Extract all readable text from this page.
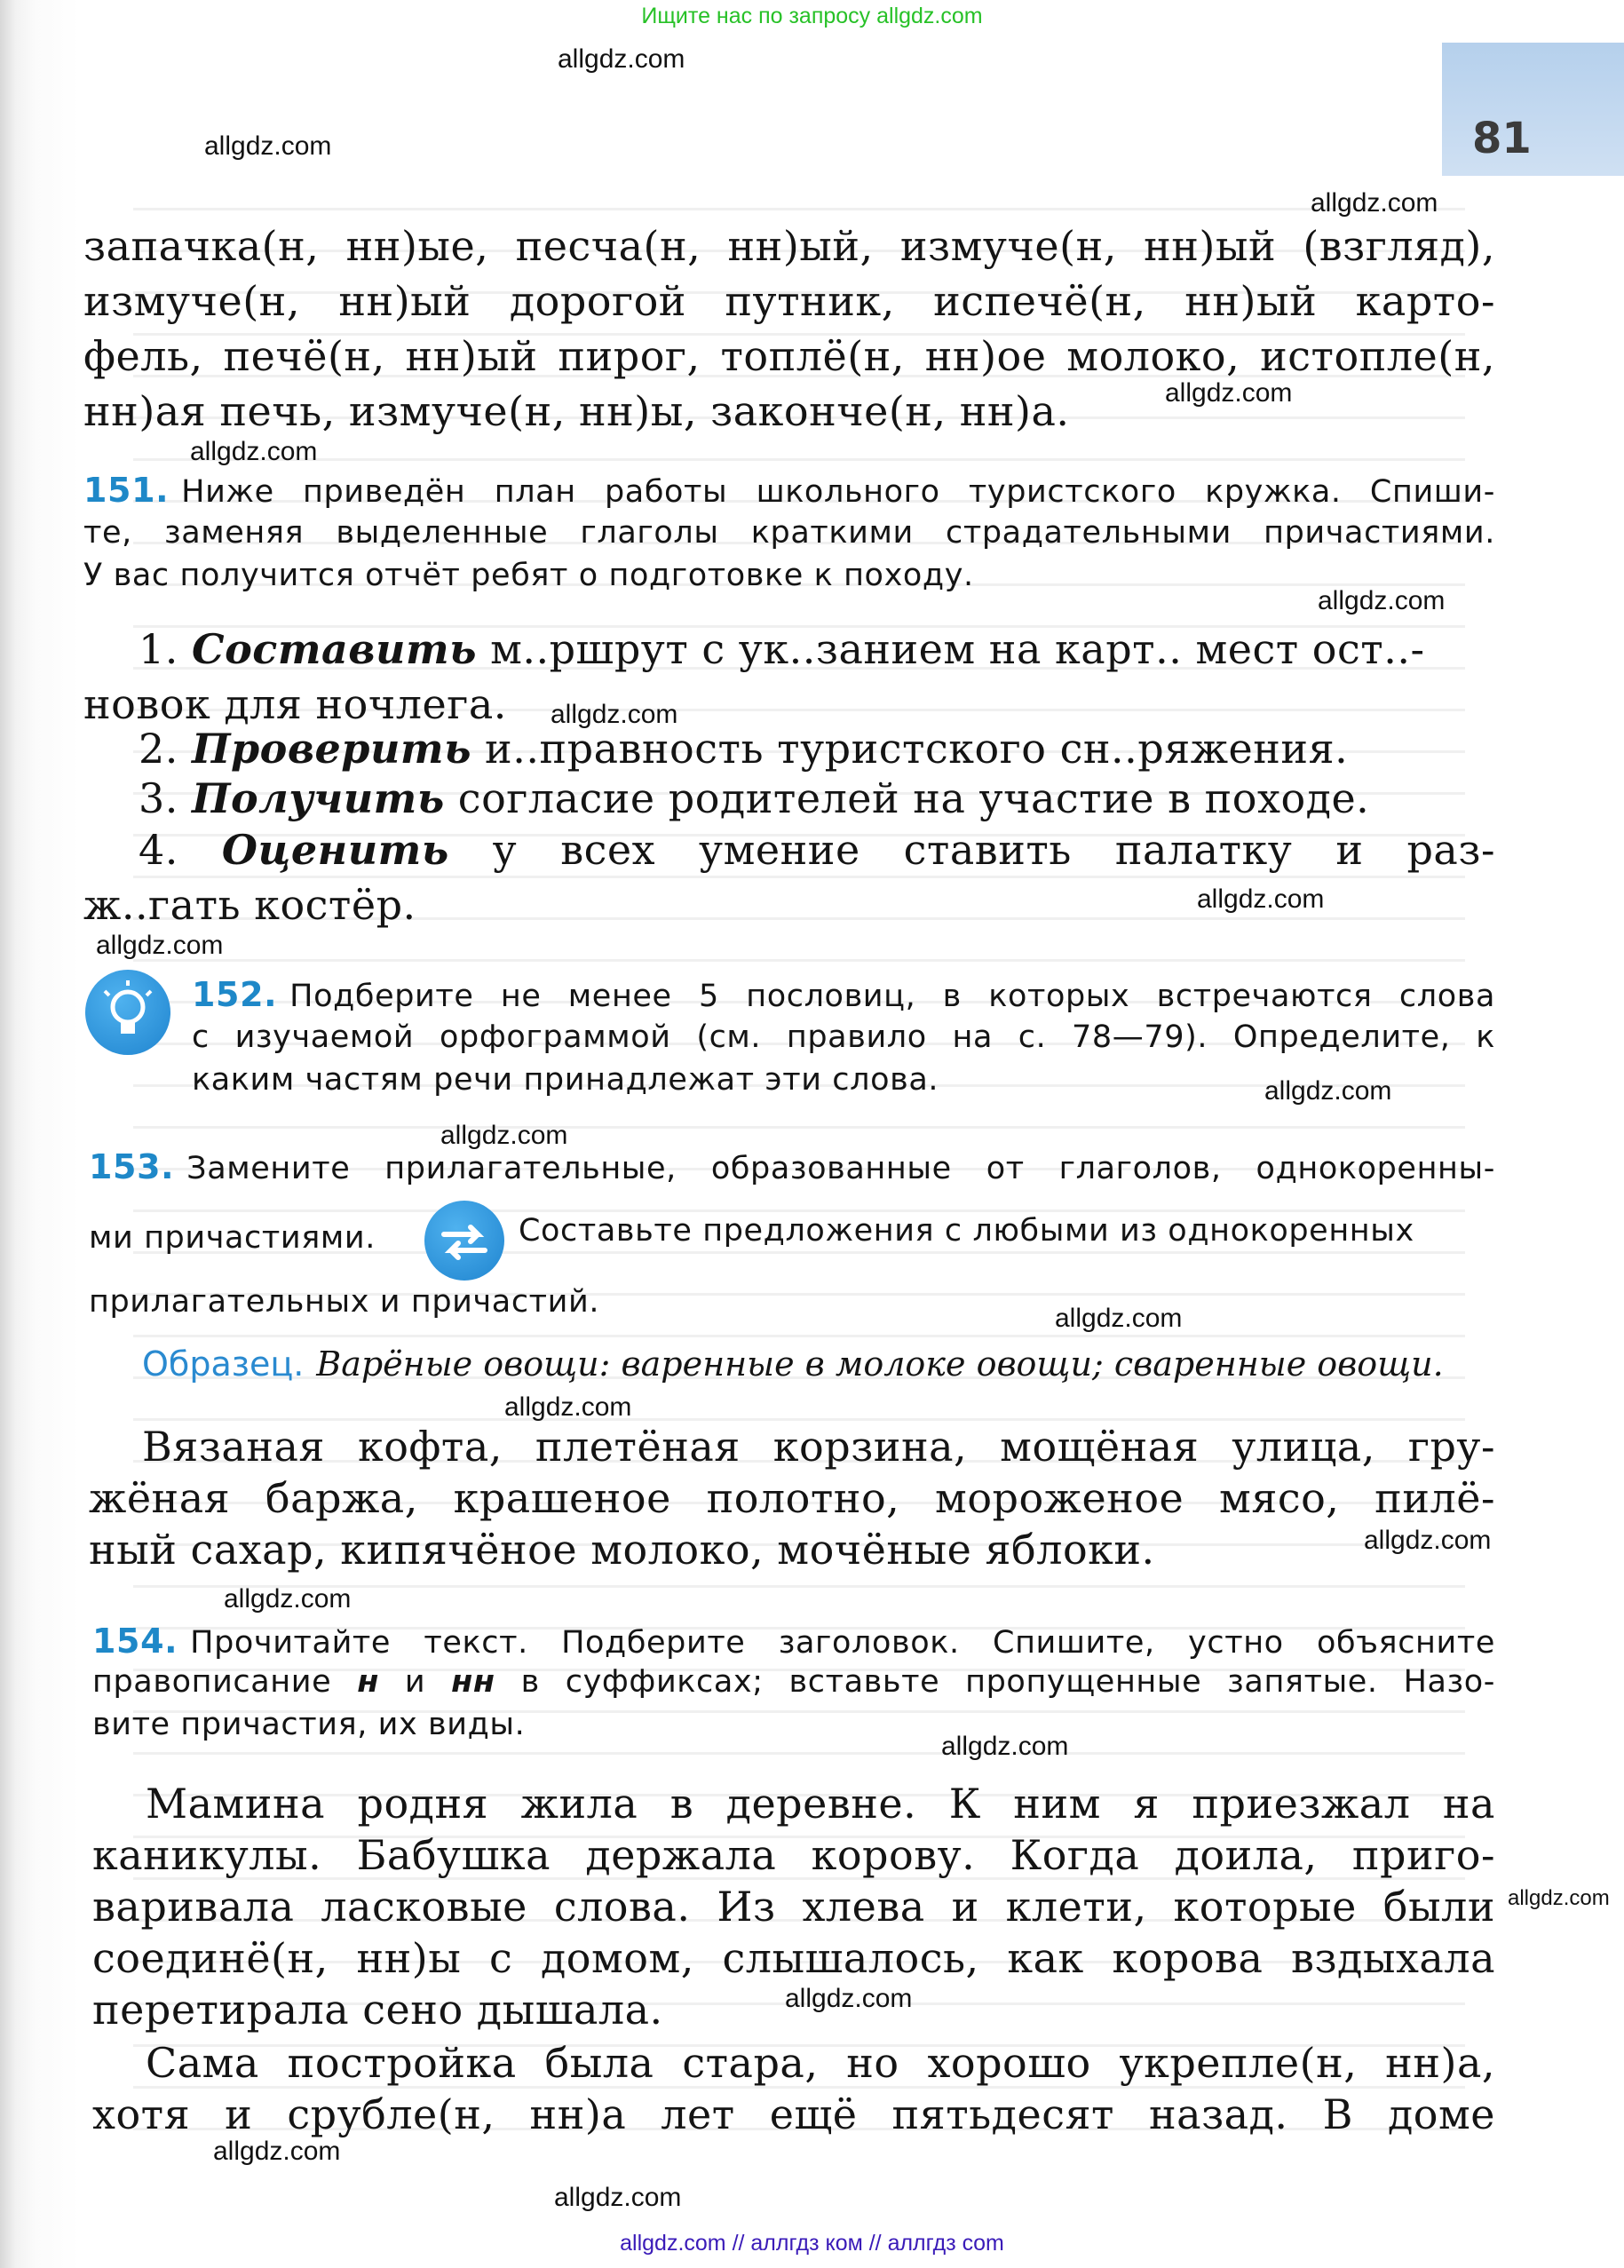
81
Ищите нас по запросу allgdz.com
allgdz.com // аллгдз ком // аллгдз com
allgdz.com
allgdz.com
allgdz.com
allgdz.com
allgdz.com
allgdz.com
allgdz.com
allgdz.com
allgdz.com
allgdz.com
allgdz.com
allgdz.com
allgdz.com
allgdz.com
allgdz.com
allgdz.com
allgdz.com
allgdz.com
allgdz.com
allgdz.com
запачка(н, нн)ые, песча(н, нн)ый, измуче(н, нн)ый (взгляд),
измуче(н, нн)ый дорогой путник, испечё(н, нн)ый карто-
фель, печё(н, нн)ый пирог, топлё(н, нн)ое молоко, истопле(н,
нн)ая печь, измуче(н, нн)ы, законче(н, нн)а.
151. Ниже приведён план работы школьного туристского кружка. Спиши-
те, заменяя выделенные глаголы краткими страдательными причастиями.
У вас получится отчёт ребят о подготовке к походу.
1. Составить м..ршрут с ук..занием на карт.. мест ост..-
новок для ночлега.
2. Проверить и..правность туристского сн..ряжения.
3. Получить согласие родителей на участие в походе.
4. Оценить у всех умение ставить палатку и раз-
ж..гать костёр.
152. Подберите не менее 5 пословиц, в которых встречаются слова
с изучаемой орфограммой (см. правило на с. 78—79). Определите, к
каким частям речи принадлежат эти слова.
153. Замените прилагательные, образованные от глаголов, однокоренны-
ми причастиями.	Составьте предложения с любыми из однокоренных
прилагательных и причастий.
Образец. Варёные овощи: варенные в молоке овощи; сваренные овощи.
Вязаная кофта, плетёная корзина, мощёная улица, гру-
жёная баржа, крашеное полотно, мороженое мясо, пилё-
ный сахар, кипячёное молоко, мочёные яблоки.
154. Прочитайте текст. Подберите заголовок. Спишите, устно объясните
правописание н и нн в суффиксах; вставьте пропущенные запятые. Назо-
вите причастия, их виды.
Мамина родня жила в деревне. К ним я приезжал на
каникулы. Бабушка держала корову. Когда доила, приго-
варивала ласковые слова. Из хлева и клети, которые были
соединё(н, нн)ы с домом, слышалось, как корова вздыхала
перетирала сено дышала.
Сама постройка была стара, но хорошо укрепле(н, нн)а,
хотя и срубле(н, нн)а лет ещё пятьдесят назад. В доме
